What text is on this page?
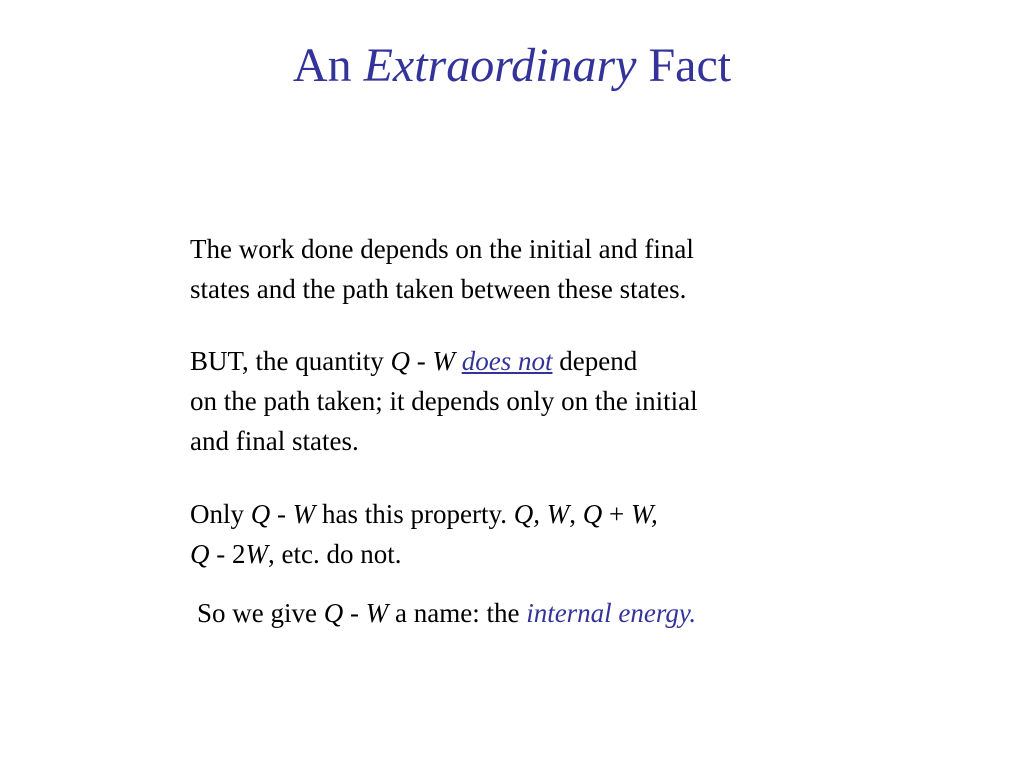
An Extraordinary Fact

The work done depends on the initial and final
states and the path taken between these states.

BUT, the quantity Q - W does not depend
on the path taken; it depends only on the initial
and final states.

Only Q - W has this property. Q, W, Q + W,
Q - 2W, etc. do not.

So we give Q - W a name: the internal energy.
